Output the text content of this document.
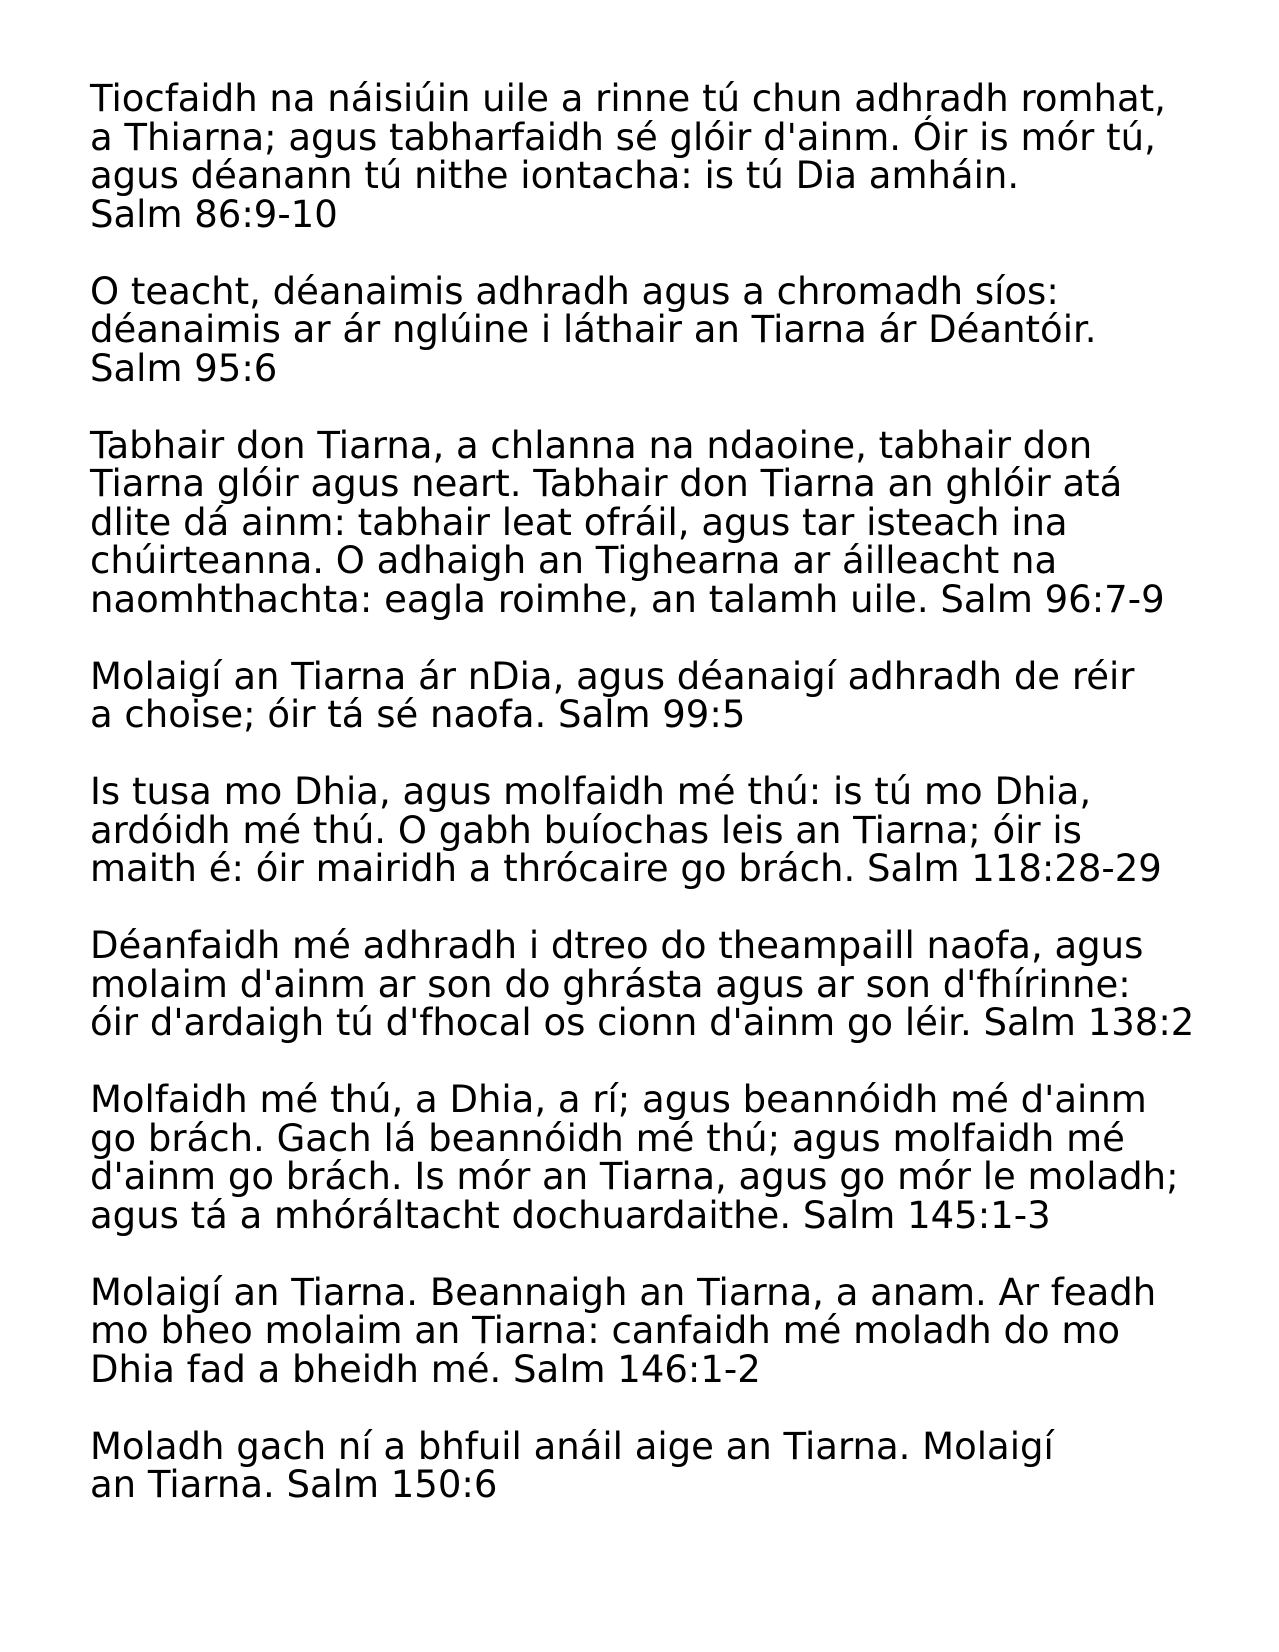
Tiocfaidh na náisiúin uile a rinne tú chun adhradh romhat,
a Thiarna; agus tabharfaidh sé glóir d'ainm. Óir is mór tú,
agus déanann tú nithe iontacha: is tú Dia amháin.
Salm 86:9-10

O teacht, déanaimis adhradh agus a chromadh síos:
déanaimis ar ár nglúine i láthair an Tiarna ár Déantóir.
Salm 95:6

Tabhair don Tiarna, a chlanna na ndaoine, tabhair don
Tiarna glóir agus neart. Tabhair don Tiarna an ghlóir atá
dlite dá ainm: tabhair leat ofráil, agus tar isteach ina
chúirteanna. O adhaigh an Tighearna ar áilleacht na
naomhthachta: eagla roimhe, an talamh uile. Salm 96:7-9

Molaigí an Tiarna ár nDia, agus déanaigí adhradh de réir
a choise; óir tá sé naofa. Salm 99:5

Is tusa mo Dhia, agus molfaidh mé thú: is tú mo Dhia,
ardóidh mé thú. O gabh buíochas leis an Tiarna; óir is
maith é: óir mairidh a thrócaire go brách. Salm 118:28-29

Déanfaidh mé adhradh i dtreo do theampaill naofa, agus
molaim d'ainm ar son do ghrásta agus ar son d'fhírinne:
óir d'ardaigh tú d'fhocal os cionn d'ainm go léir. Salm 138:2

Molfaidh mé thú, a Dhia, a rí; agus beannóidh mé d'ainm
go brách. Gach lá beannóidh mé thú; agus molfaidh mé
d'ainm go brách. Is mór an Tiarna, agus go mór le moladh;
agus tá a mhóráltacht dochuardaithe. Salm 145:1-3

Molaigí an Tiarna. Beannaigh an Tiarna, a anam. Ar feadh
mo bheo molaim an Tiarna: canfaidh mé moladh do mo
Dhia fad a bheidh mé. Salm 146:1-2

Moladh gach ní a bhfuil anáil aige an Tiarna. Molaigí
an Tiarna. Salm 150:6
